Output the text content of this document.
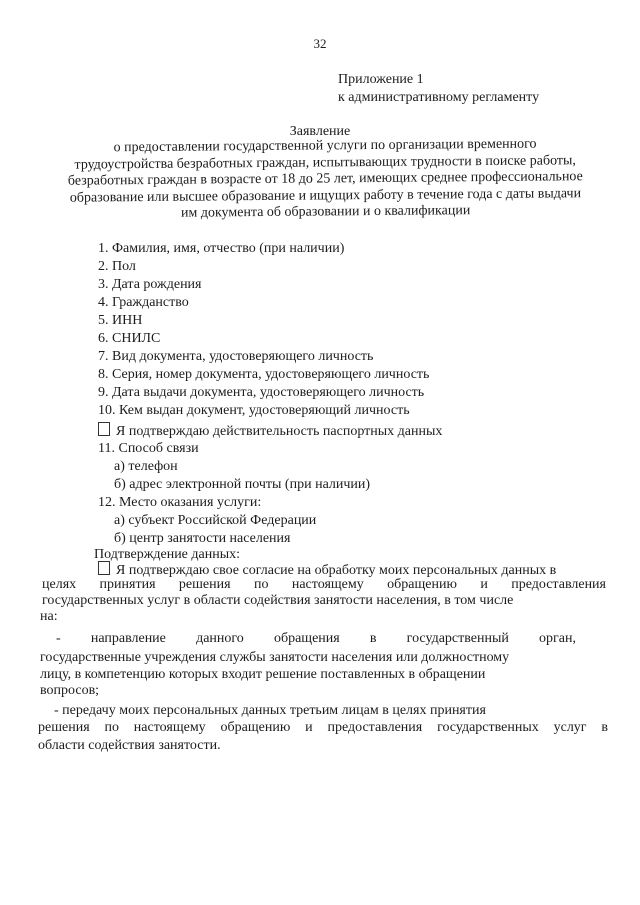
32
Приложение 1
к административному регламенту
Заявление
о предоставлении государственной услуги по организации временного
трудоустройства безработных граждан, испытывающих трудности в поиске работы,
безработных граждан в возрасте от 18 до 25 лет, имеющих среднее профессиональное
образование или высшее образование и ищущих работу в течение года с даты выдачи
им документа об образовании и о квалификации
1. Фамилия, имя, отчество (при наличии)
2. Пол
3. Дата рождения
4. Гражданство
5. ИНН
6. СНИЛС
7. Вид документа, удостоверяющего личность
8. Серия, номер документа, удостоверяющего личность
9. Дата выдачи документа, удостоверяющего личность
10. Кем выдан документ, удостоверяющий личность
Я подтверждаю действительность паспортных данных
11. Способ связи
а) телефон
б) адрес электронной почты (при наличии)
12. Место оказания услуги:
а) субъект Российской Федерации
б) центр занятости населения
Подтверждение данных:
Я подтверждаю свое согласие на обработку моих персональных данных в
целях принятия решения по настоящему обращению и предоставления
государственных услуг в области содействия занятости населения, в том числе
на:
- направление данного обращения в государственный орган,
государственные учреждения службы занятости населения или должностному
лицу, в компетенцию которых входит решение поставленных в обращении
вопросов;
- передачу моих персональных данных третьим лицам в целях принятия
решения по настоящему обращению и предоставления государственных услуг в
области содействия занятости.
